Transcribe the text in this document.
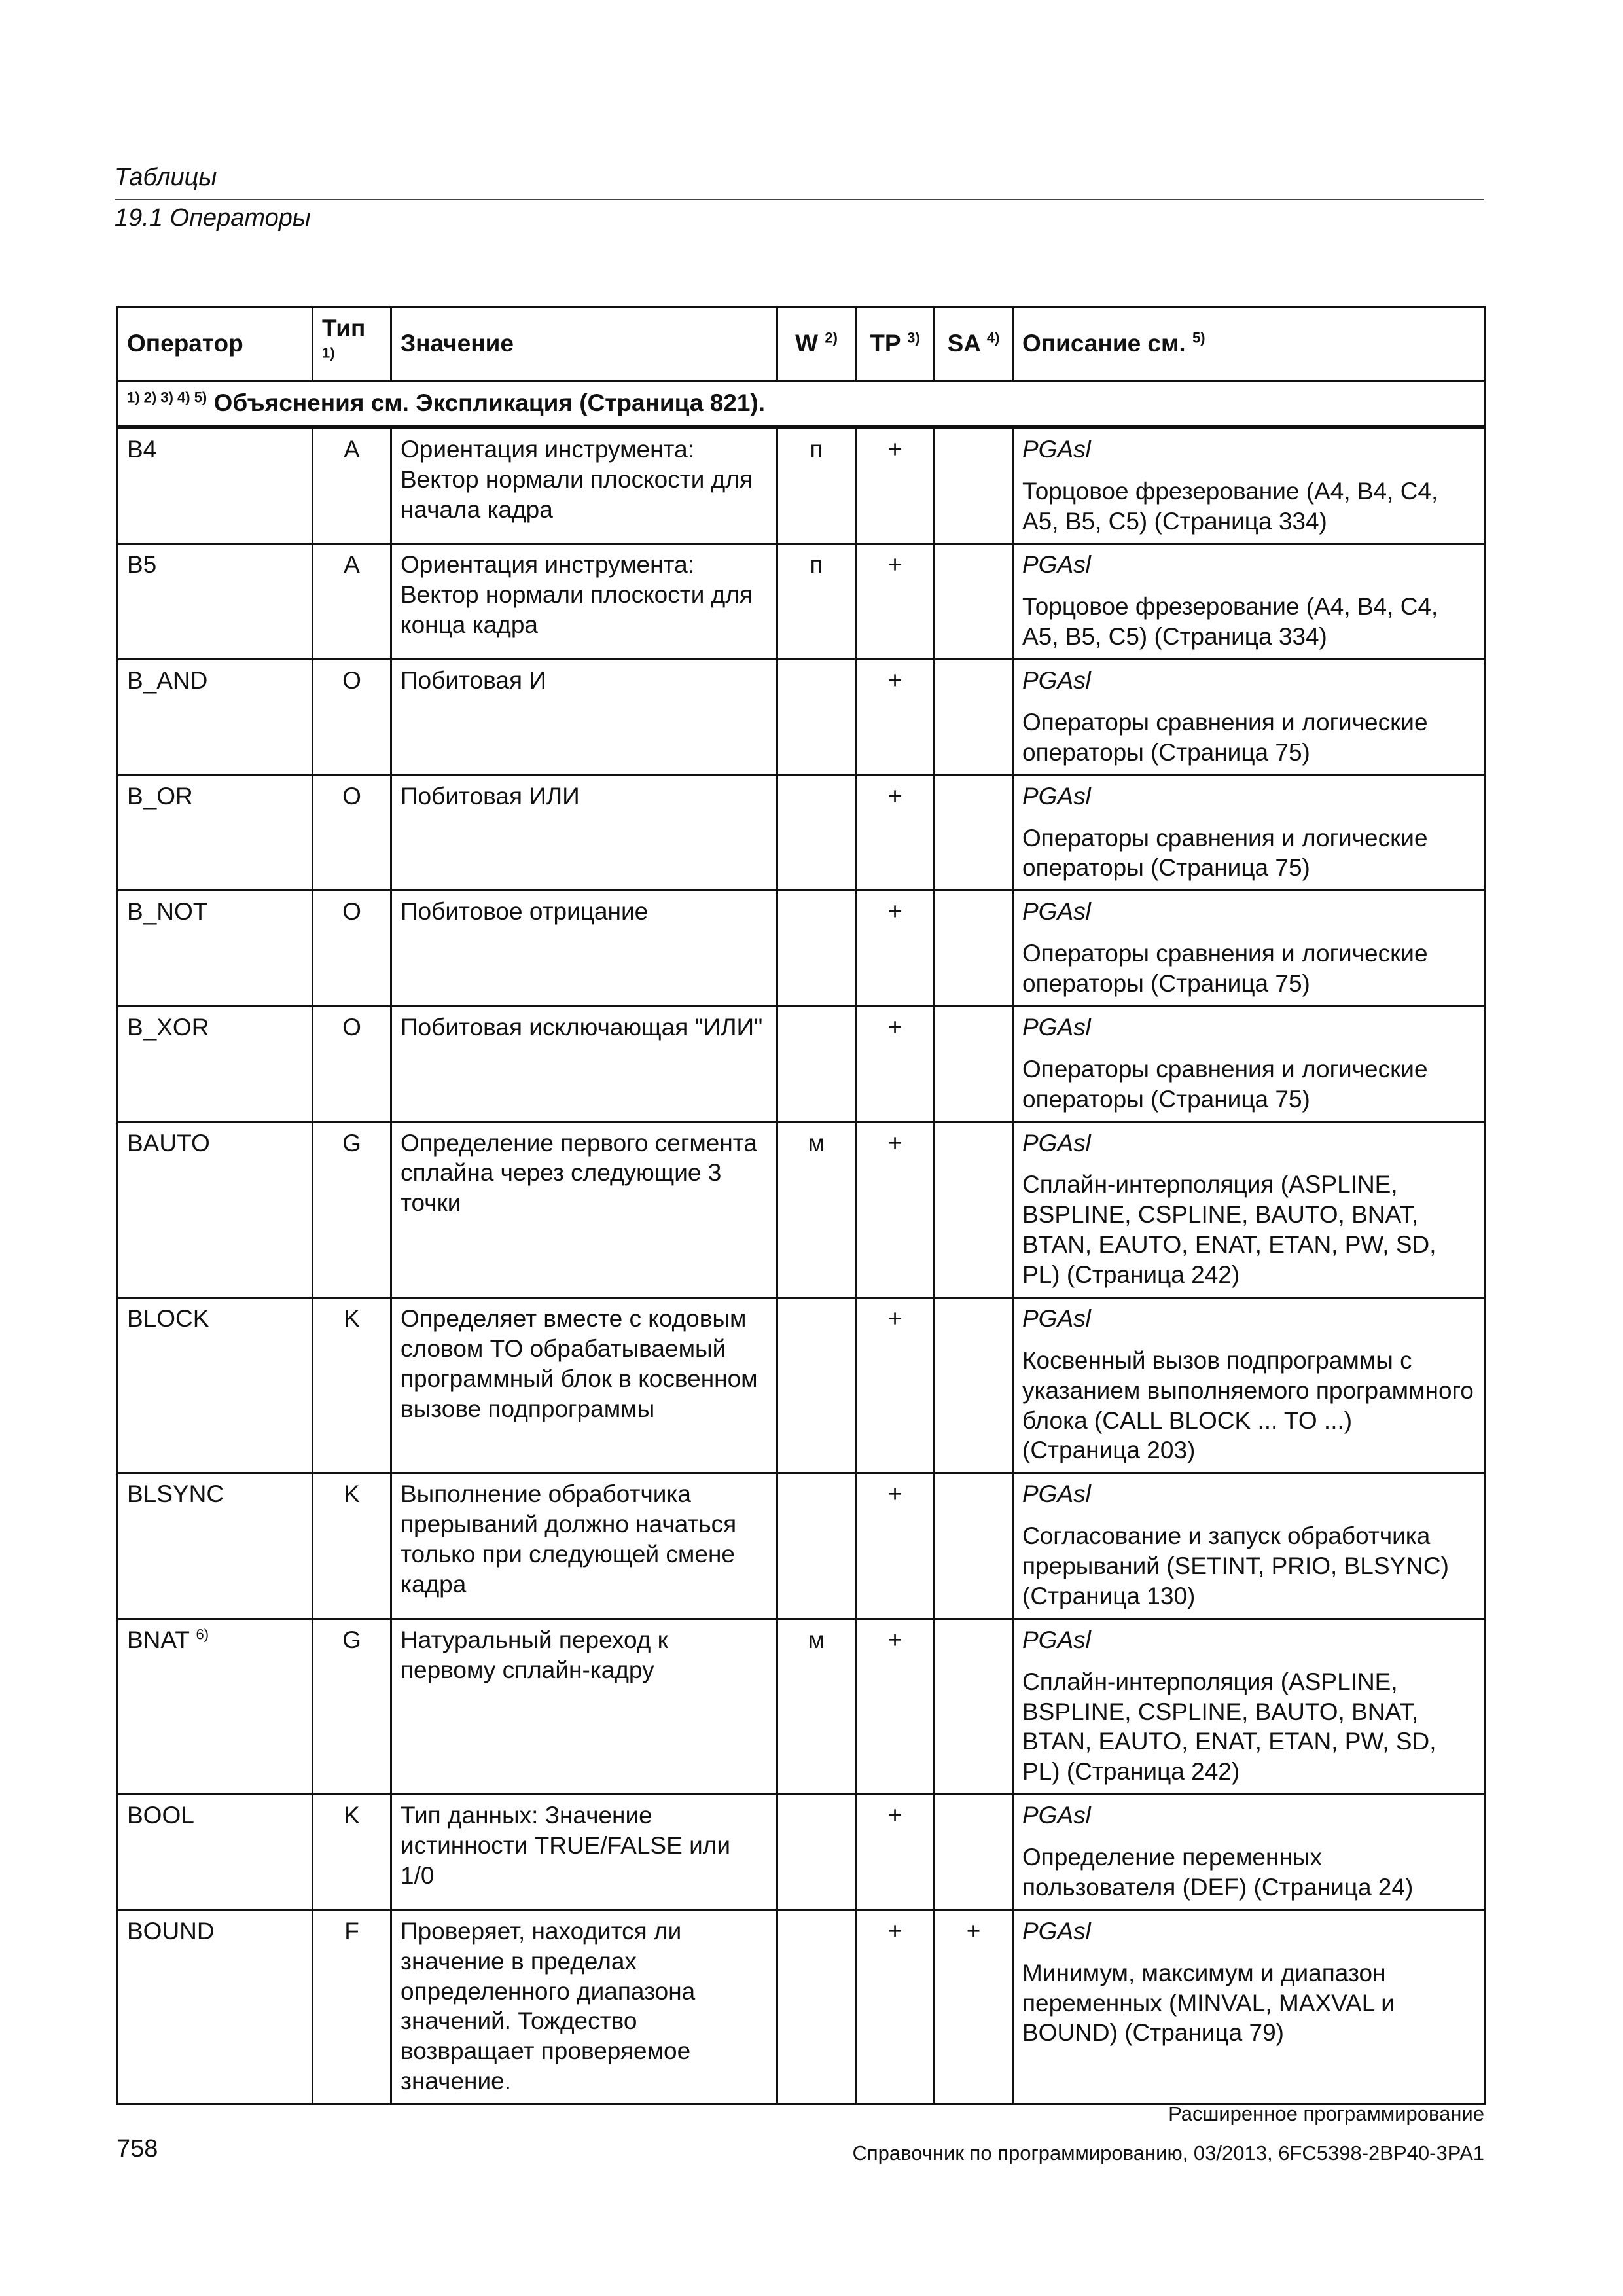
Таблицы
19.1 Операторы
Оператор	Тип $^{1)}$	Значение	W $^{2)}$	TP $^{3)}$	SA $^{4)}$	Описание см. $^{5)}$
$^{1) 2) 3) 4) 5)}$ Объяснения см. Экспликация (Страница 821).						
B4	A	Ориентация инструмента: Вектор нормали плоскости для начала кадра	п	+		PGAsl
Торцовое фрезерование (A4, B4, C4, A5, B5, C5) (Страница 334)

B5	A	Ориентация инструмента: Вектор нормали плоскости для конца кадра	п	+		PGAsl
Торцовое фрезерование (A4, B4, C4, A5, B5, C5) (Страница 334)

B_AND	O	Побитовая И		+		PGAsl
Операторы сравнения и логические операторы (Страница 75)

B_OR	O	Побитовая ИЛИ		+		PGAsl
Операторы сравнения и логические операторы (Страница 75)

B_NOT	O	Побитовое отрицание		+		PGAsl
Операторы сравнения и логические операторы (Страница 75)

B_XOR	O	Побитовая исключающая "ИЛИ"		+		PGAsl
Операторы сравнения и логические операторы (Страница 75)

BAUTO	G	Определение первого сегмента сплайна через следующие 3 точки	м	+		PGAsl
Сплайн-интерполяция (ASPLINE, BSPLINE, CSPLINE, BAUTO, BNAT, BTAN, EAUTO, ENAT, ETAN, PW, SD, PL) (Страница 242)

BLOCK	K	Определяет вместе с кодовым словом TO обрабатываемый программный блок в косвенном вызове подпрограммы		+		PGAsl
Косвенный вызов подпрограммы с указанием выполняемого программного блока (CALL BLOCK ... TO ...) (Страница 203)

BLSYNC	K	Выполнение обработчика прерываний должно начаться только при следующей смене кадра		+		PGAsl
Согласование и запуск обработчика прерываний (SETINT, PRIO, BLSYNC) (Страница 130)

BNAT $^{6)}$	G	Натуральный переход к первому сплайн-кадру	м	+		PGAsl
Сплайн-интерполяция (ASPLINE, BSPLINE, CSPLINE, BAUTO, BNAT, BTAN, EAUTO, ENAT, ETAN, PW, SD, PL) (Страница 242)

BOOL	K	Тип данных: Значение истинности TRUE/FALSE или 1/0		+		PGAsl
Определение переменных пользователя (DEF) (Страница 24)

BOUND	F	Проверяет, находится ли значение в пределах определенного диапазона значений. Тождество возвращает проверяемое значение.		+	+	PGAsl
Минимум, максимум и диапазон переменных (MINVAL, MAXVAL и BOUND) (Страница 79)
Расширенное программирование
758	Справочник по программированию, 03/2013, 6FC5398-2BP40-3PA1
